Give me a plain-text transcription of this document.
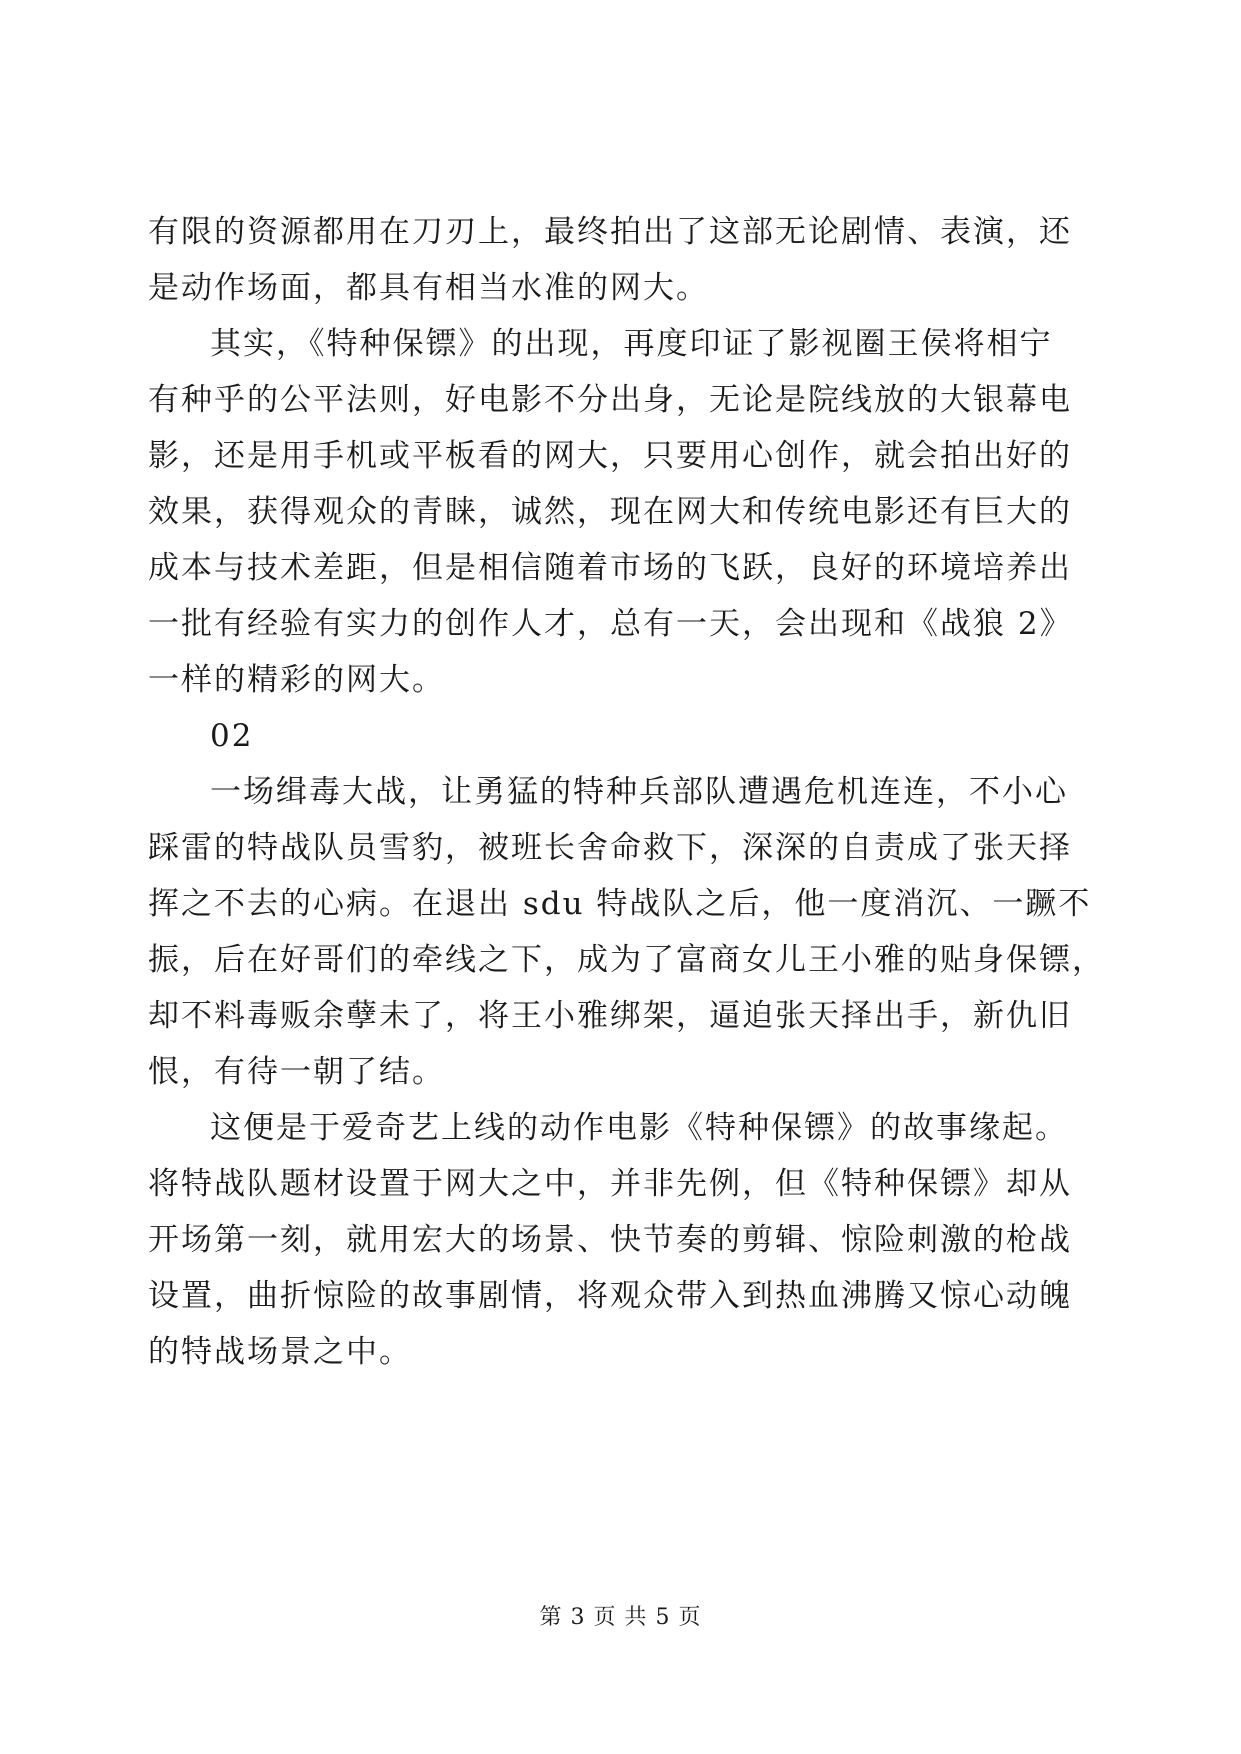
有限的资源都用在刀刃上，最终拍出了这部无论剧情、表演，还
是动作场面，都具有相当水准的网大。
其实，《特种保镖》的出现，再度印证了影视圈王侯将相宁
有种乎的公平法则，好电影不分出身，无论是院线放的大银幕电
影，还是用手机或平板看的网大，只要用心创作，就会拍出好的
效果，获得观众的青睐，诚然，现在网大和传统电影还有巨大的
成本与技术差距，但是相信随着市场的飞跃，良好的环境培养出
一批有经验有实力的创作人才，总有一天，会出现和《战狼 2》
一样的精彩的网大。
02
一场缉毒大战，让勇猛的特种兵部队遭遇危机连连，不小心
踩雷的特战队员雪豹，被班长舍命救下，深深的自责成了张天择
挥之不去的心病。在退出 sdu 特战队之后，他一度消沉、一蹶不
振，后在好哥们的牵线之下，成为了富商女儿王小雅的贴身保镖，
却不料毒贩余孽未了，将王小雅绑架，逼迫张天择出手，新仇旧
恨，有待一朝了结。
这便是于爱奇艺上线的动作电影《特种保镖》的故事缘起。
将特战队题材设置于网大之中，并非先例，但《特种保镖》却从
开场第一刻，就用宏大的场景、快节奏的剪辑、惊险刺激的枪战
设置，曲折惊险的故事剧情，将观众带入到热血沸腾又惊心动魄
的特战场景之中。
第 3 页 共 5 页
